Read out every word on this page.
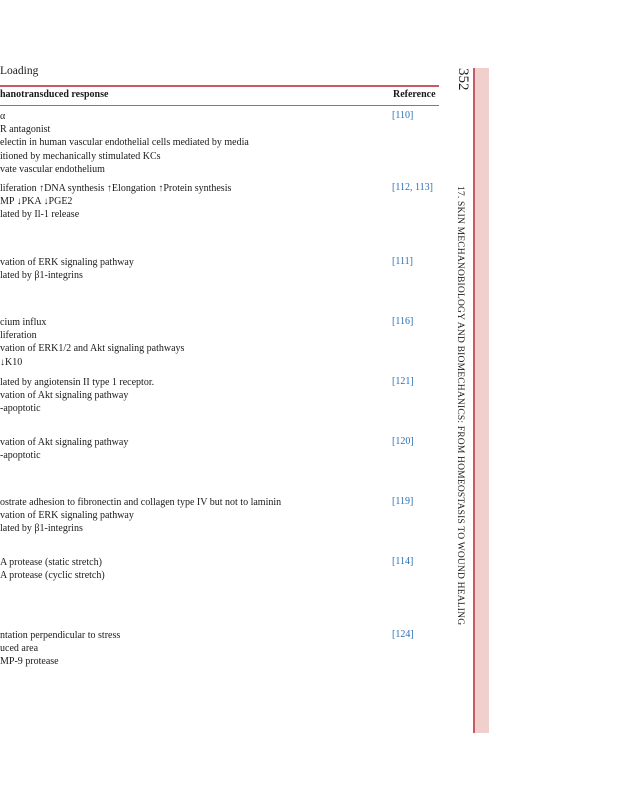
Loading
hanotransduced response	Reference
α
R antagonist
electin in human vascular endothelial cells mediated by media
itioned by mechanically stimulated KCs
vate vascular endothelium
[110]
liferation ↑DNA synthesis ↑Elongation ↑Protein synthesis
MP ↓PKA ↓PGE2
lated by Il-1 release
[112, 113]
vation of ERK signaling pathway
lated by β1-integrins
[111]
cium influx
liferation
vation of ERK1/2 and Akt signaling pathways
↓K10
[116]
lated by angiotensin II type 1 receptor.
vation of Akt signaling pathway
-apoptotic
[121]
vation of Akt signaling pathway
-apoptotic
[120]
ostrate adhesion to fibronectin and collagen type IV but not to laminin
vation of ERK signaling pathway
lated by β1-integrins
[119]
A protease (static stretch)
A protease (cyclic stretch)
[114]
ntation perpendicular to stress
uced area
MP-9 protease
[124]
352
17. SKIN MECHANOBIOLOGY AND BIOMECHANICS: FROM HOMEOSTASIS TO WOUND HEALING
